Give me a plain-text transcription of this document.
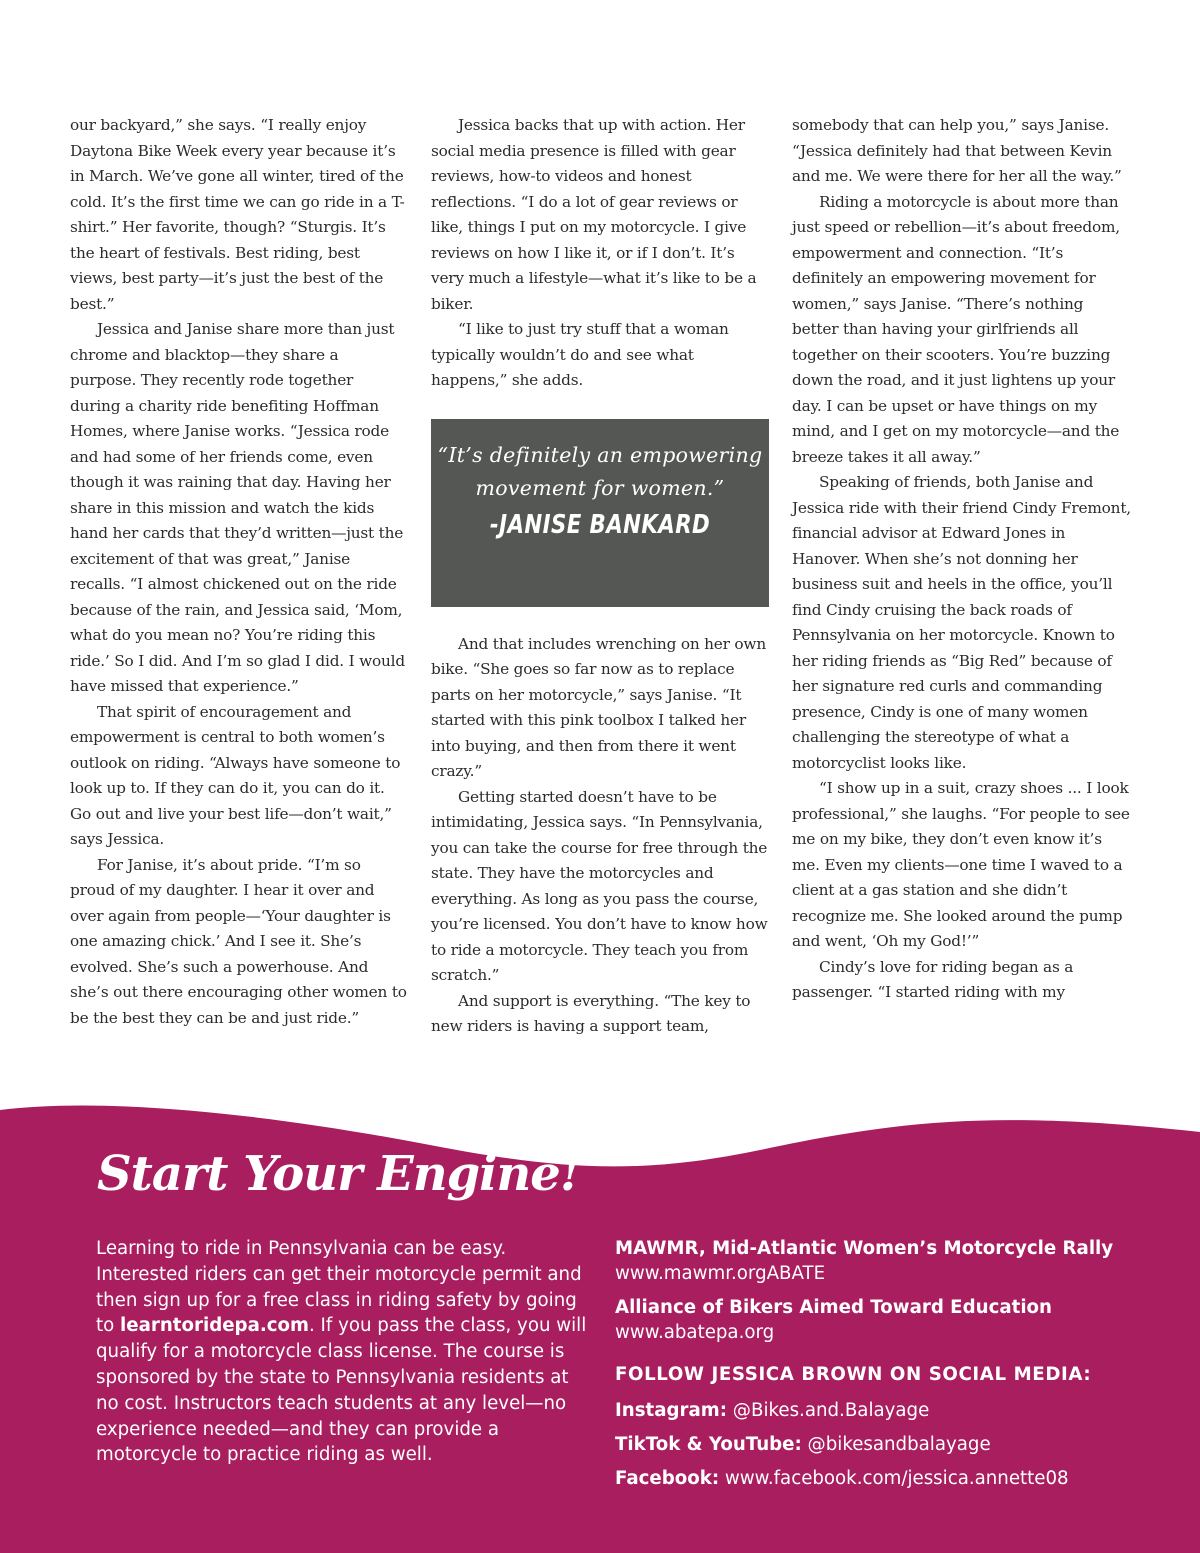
our backyard,” she says. “I really enjoy Daytona Bike Week every year because it’s in March. We’ve gone all winter, tired of the cold. It’s the first time we can go ride in a T-shirt.” Her favorite, though? “Sturgis. It’s the heart of festivals. Best riding, best views, best party—it’s just the best of the best.”

Jessica and Janise share more than just chrome and blacktop—they share a purpose. They recently rode together during a charity ride benefiting Hoffman Homes, where Janise works. “Jessica rode and had some of her friends come, even though it was raining that day. Having her share in this mission and watch the kids hand her cards that they’d written—just the excitement of that was great,” Janise recalls. “I almost chickened out on the ride because of the rain, and Jessica said, ‘Mom, what do you mean no? You’re riding this ride.’ So I did. And I’m so glad I did. I would have missed that experience.”

That spirit of encouragement and empowerment is central to both women’s outlook on riding. “Always have someone to look up to. If they can do it, you can do it. Go out and live your best life—don’t wait,” says Jessica.

For Janise, it’s about pride. “I’m so proud of my daughter. I hear it over and over again from people—‘Your daughter is one amazing chick.’ And I see it. She’s evolved. She’s such a powerhouse. And she’s out there encouraging other women to be the best they can be and just ride.”

Jessica backs that up with action. Her social media presence is filled with gear reviews, how-to videos and honest reflections. “I do a lot of gear reviews or like, things I put on my motorcycle. I give reviews on how I like it, or if I don’t. It’s very much a lifestyle—what it’s like to be a biker.

“I like to just try stuff that a woman typically wouldn’t do and see what happens,” she adds.

“It’s definitely an empowering movement for women.”
-JANISE BANKARD

And that includes wrenching on her own bike. “She goes so far now as to replace parts on her motorcycle,” says Janise. “It started with this pink toolbox I talked her into buying, and then from there it went crazy.”

Getting started doesn’t have to be intimidating, Jessica says. “In Pennsylvania, you can take the course for free through the state. They have the motorcycles and everything. As long as you pass the course, you’re licensed. You don’t have to know how to ride a motorcycle. They teach you from scratch.”

And support is everything. “The key to new riders is having a support team,

somebody that can help you,” says Janise. “Jessica definitely had that between Kevin and me. We were there for her all the way.”

Riding a motorcycle is about more than just speed or rebellion—it’s about freedom, empowerment and connection. “It’s definitely an empowering movement for women,” says Janise. “There’s nothing better than having your girlfriends all together on their scooters. You’re buzzing down the road, and it just lightens up your day. I can be upset or have things on my mind, and I get on my motorcycle—and the breeze takes it all away.”

Speaking of friends, both Janise and Jessica ride with their friend Cindy Fremont, financial advisor at Edward Jones in Hanover. When she’s not donning her business suit and heels in the office, you’ll find Cindy cruising the back roads of Pennsylvania on her motorcycle. Known to her riding friends as “Big Red” because of her signature red curls and commanding presence, Cindy is one of many women challenging the stereotype of what a motorcyclist looks like.

“I show up in a suit, crazy shoes ... I look professional,” she laughs. “For people to see me on my bike, they don’t even know it’s me. Even my clients—one time I waved to a client at a gas station and she didn’t recognize me. She looked around the pump and went, ‘Oh my God!’”

Cindy’s love for riding began as a passenger. “I started riding with my

Start Your Engine!
Learning to ride in Pennsylvania can be easy. Interested riders can get their motorcycle permit and then sign up for a free class in riding safety by going to learntoridepa.com. If you pass the class, you will qualify for a motorcycle class license. The course is sponsored by the state to Pennsylvania residents at no cost. Instructors teach students at any level—no experience needed—and they can provide a motorcycle to practice riding as well.
MAWMR, Mid-Atlantic Women’s Motorcycle Rally
www.mawmr.orgABATE
Alliance of Bikers Aimed Toward Education
www.abatepa.org
FOLLOW JESSICA BROWN ON SOCIAL MEDIA:
Instagram: @Bikes.and.Balayage
TikTok & YouTube: @bikesandbalayage
Facebook: www.facebook.com/jessica.annette08
